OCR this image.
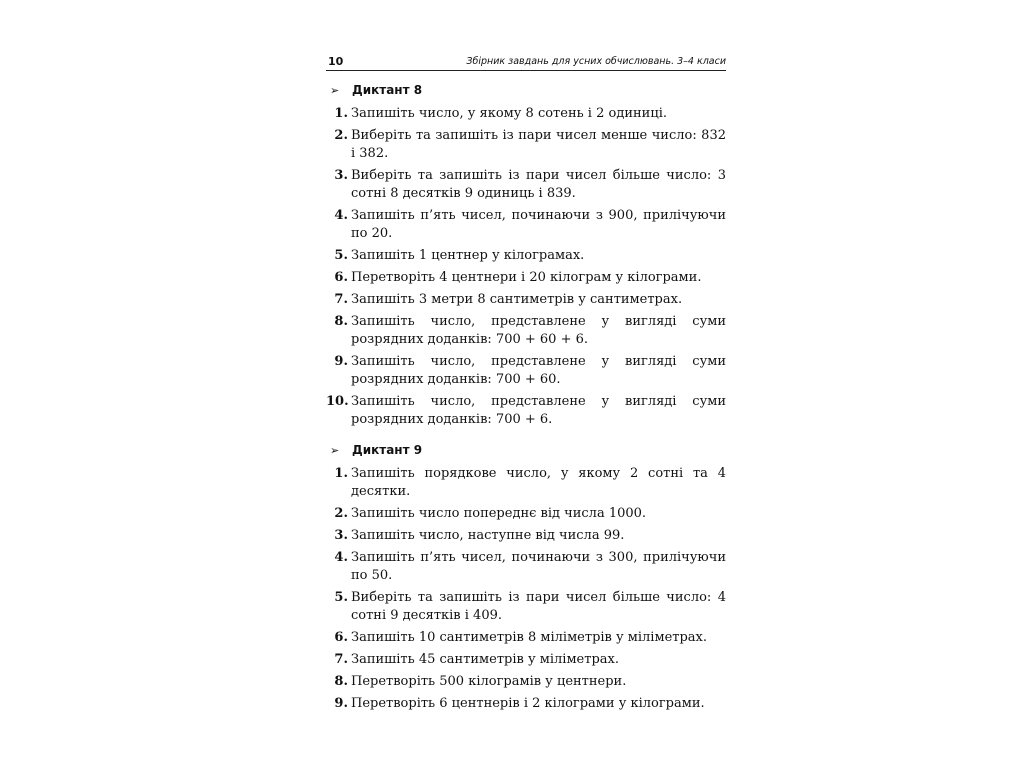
10	Збірник завдань для усних обчислювань. 3–4 класи
➢ Диктант 8
1. Запишіть число, у якому 8 сотень і 2 одиниці.
2. Виберіть та запишіть із пари чисел менше число: 832 і 382.
3. Виберіть та запишіть із пари чисел більше число: 3 сотні 8 десятків 9 одиниць і 839.
4. Запишіть п’ять чисел, починаючи з 900, прилічуючи по 20.
5. Запишіть 1 центнер у кілограмах.
6. Перетворіть 4 центнери і 20 кілограм у кілограми.
7. Запишіть 3 метри 8 сантиметрів у сантиметрах.
8. Запишіть число, представлене у вигляді суми розрядних доданків: 700 + 60 + 6.
9. Запишіть число, представлене у вигляді суми розрядних доданків: 700 + 60.
10. Запишіть число, представлене у вигляді суми розрядних доданків: 700 + 6.
➢ Диктант 9
1. Запишіть порядкове число, у якому 2 сотні та 4 десятки.
2. Запишіть число попереднє від числа 1000.
3. Запишіть число, наступне від числа 99.
4. Запишіть п’ять чисел, починаючи з 300, прилічуючи по 50.
5. Виберіть та запишіть із пари чисел більше число: 4 сотні 9 десятків і 409.
6. Запишіть 10 сантиметрів 8 міліметрів у міліметрах.
7. Запишіть 45 сантиметрів у міліметрах.
8. Перетворіть 500 кілограмів у центнери.
9. Перетворіть 6 центнерів і 2 кілограми у кілограми.
